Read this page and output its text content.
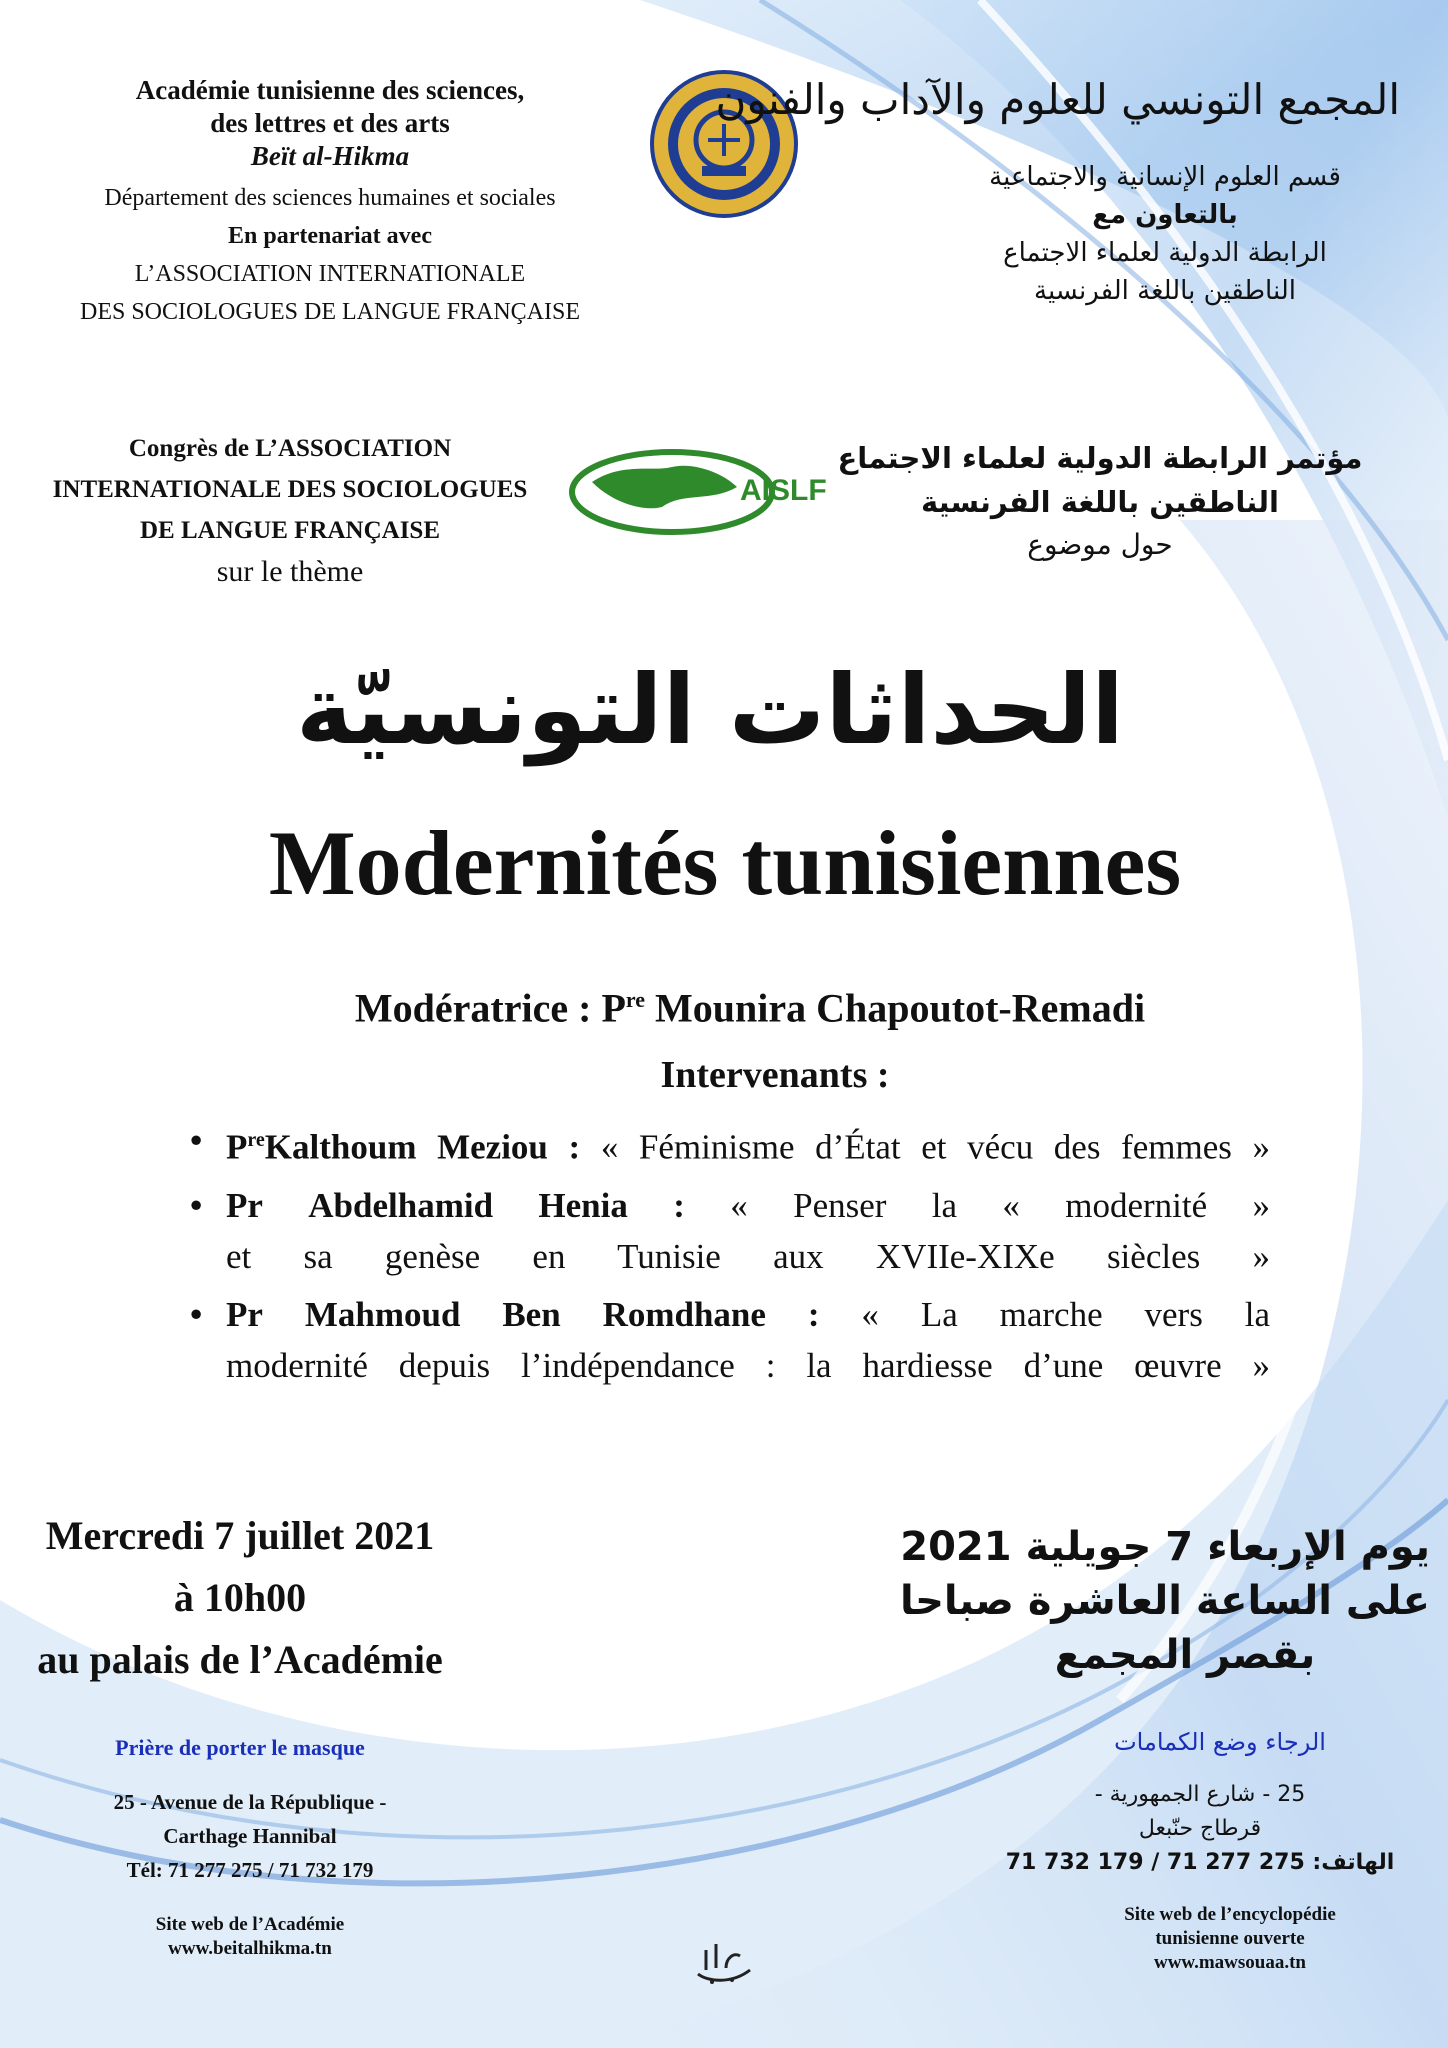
Académie tunisienne des sciences,
des lettres et des arts
Beït al-Hikma
Département des sciences humaines et sociales
En partenariat avec
L’ASSOCIATION INTERNATIONALE
DES SOCIOLOGUES DE LANGUE FRANÇAISE
المجمع التونسي للعلوم والآداب والفنون
قسم العلوم الإنسانية والاجتماعية
بالتعاون مع
الرابطة الدولية لعلماء الاجتماع
الناطقين باللغة الفرنسية
Congrès de L’ASSOCIATION
INTERNATIONALE DES SOCIOLOGUES
DE LANGUE FRANÇAISE
sur le thème
AISLF
مؤتمر الرابطة الدولية لعلماء الاجتماع
الناطقين باللغة الفرنسية
حول موضوع
الحداثات التونسيّة
Modernités tunisiennes
Modératrice : $P^{re}$ Mounira Chapoutot-Remadi
Intervenants :
• $P^{re}Kalthoum$ Meziou : « Féminisme d’État et vécu des femmes »
• Pr Abdelhamid Henia : « Penser la « modernité »
et sa genèse en Tunisie aux XVIIe-XIXe siècles »
• Pr Mahmoud Ben Romdhane : « La marche vers la
modernité depuis l’indépendance : la hardiesse d’une œuvre »
Mercredi 7 juillet 2021
à 10h00
au palais de l’Académie
يوم الإربعاء 7 جويلية 2021
على الساعة العاشرة صباحا
بقصر المجمع
Prière de porter le masque	الرجاء وضع الكمامات
25 - Avenue de la République -
Carthage Hannibal
Tél: 71 277 275 / 71 732 179
25 - شارع الجمهورية -
قرطاج حنّبعل
الهاتف: 275 277 71 / 179 732 71
Site web de l’Académie
www.beitalhikma.tn
Site web de l’encyclopédie
tunisienne ouverte
www.mawsouaa.tn
